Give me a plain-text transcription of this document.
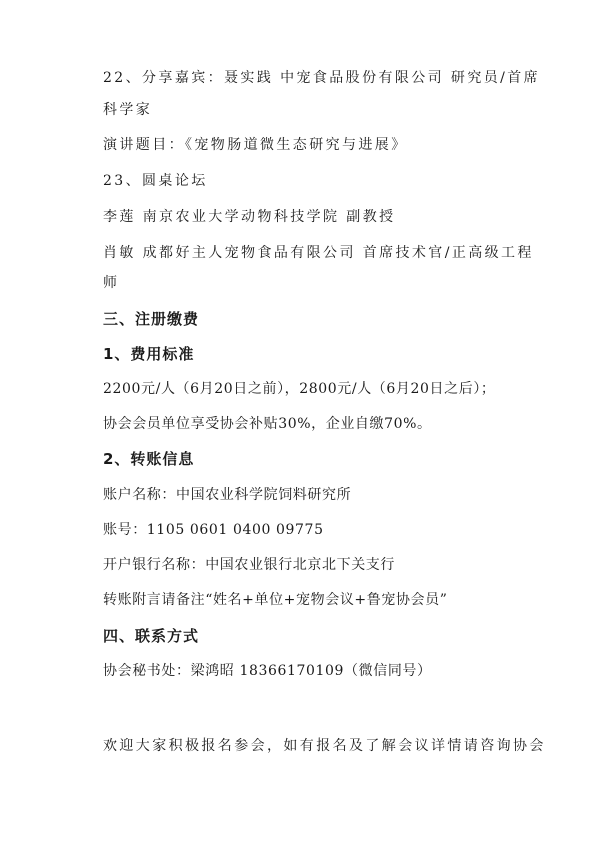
22、分享嘉宾：聂实践 中宠食品股份有限公司 研究员/首席
科学家
演讲题目：《宠物肠道微生态研究与进展》
23、圆桌论坛
李莲 南京农业大学动物科技学院 副教授
肖敏 成都好主人宠物食品有限公司 首席技术官/正高级工程
师
三、注册缴费
1、费用标准
2200元/人（6月20日之前），2800元/人（6月20日之后）；
协会会员单位享受协会补贴30%，企业自缴70%。
2、转账信息
账户名称：中国农业科学院饲料研究所
账号：1105 0601 0400 09775
开户银行名称：中国农业银行北京北下关支行
转账附言请备注“姓名+单位+宠物会议+鲁宠协会员”
四、联系方式
协会秘书处：梁鸿昭 18366170109（微信同号）
欢迎大家积极报名参会，如有报名及了解会议详情请咨询协会
